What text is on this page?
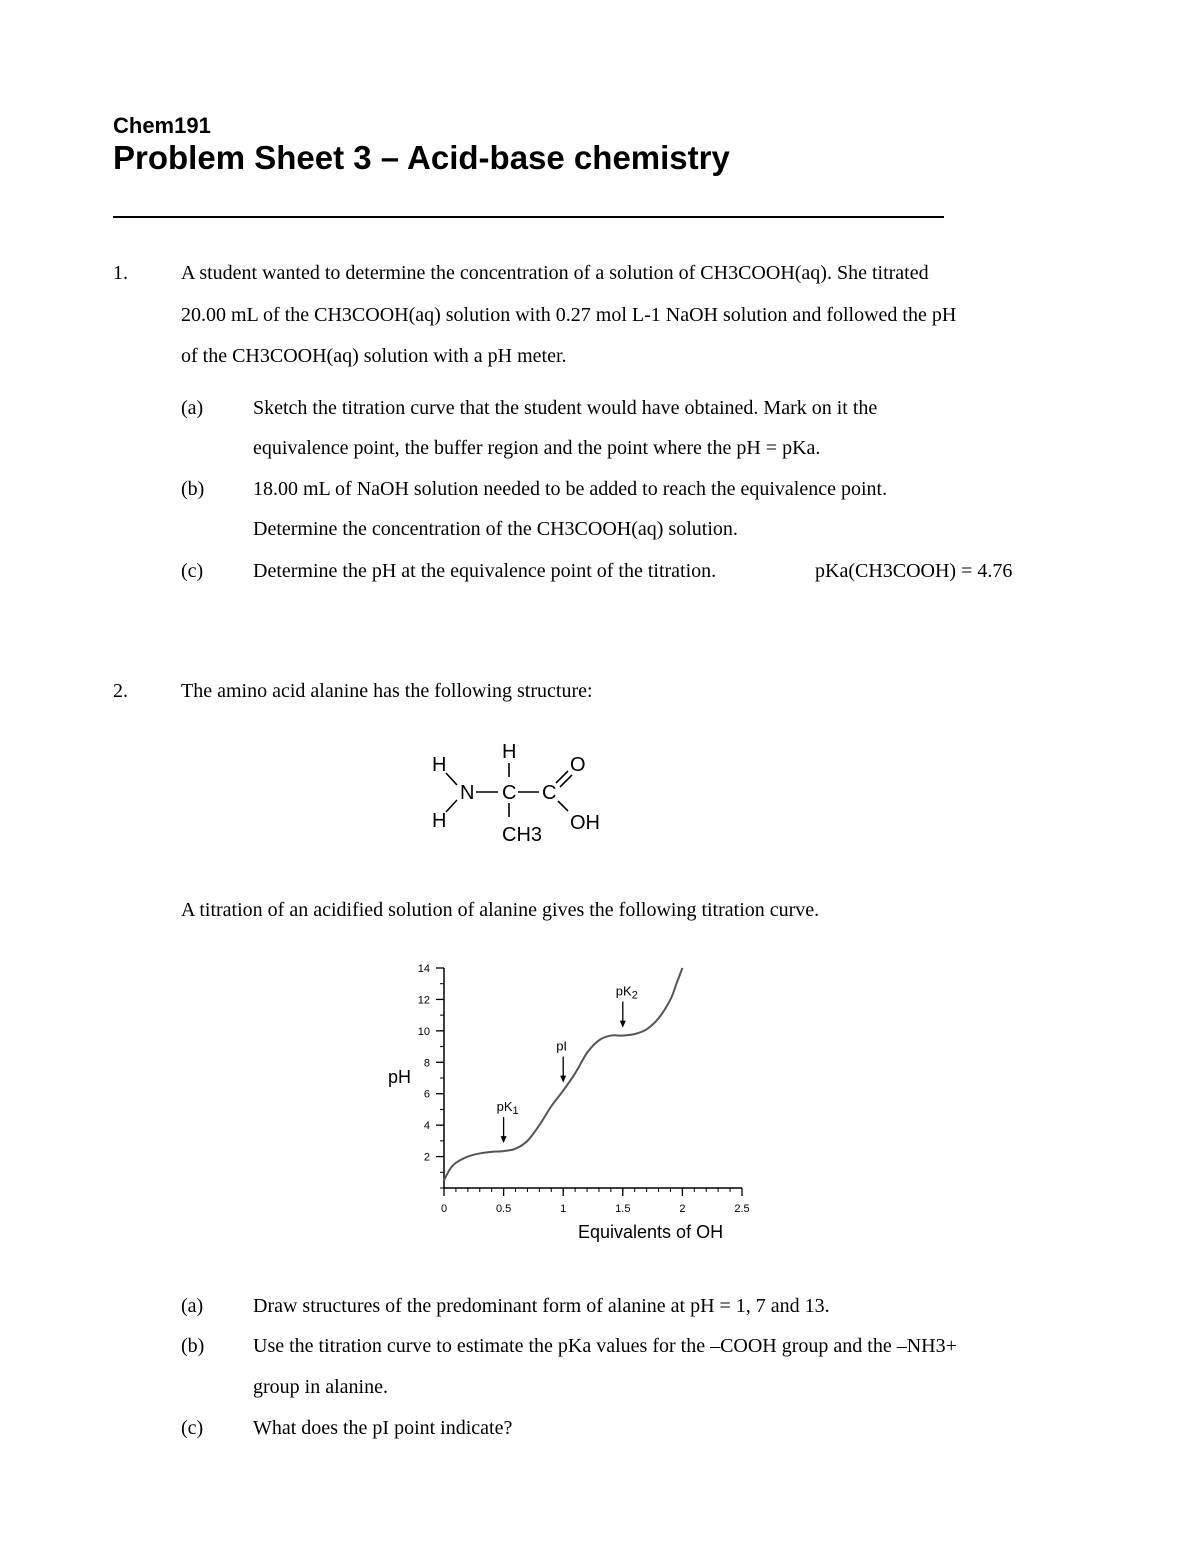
Chem191
Problem Sheet 3 – Acid-base chemistry
1.	A student wanted to determine the concentration of a solution of CH3COOH(aq). She titrated
20.00 mL of the CH3COOH(aq) solution with 0.27 mol L-1 NaOH solution and followed the pH
of the CH3COOH(aq) solution with a pH meter.
(a) Sketch the titration curve that the student would have obtained. Mark on it the
equivalence point, the buffer region and the point where the pH = pKa.
(b) 18.00 mL of NaOH solution needed to be added to reach the equivalence point.
Determine the concentration of the CH3COOH(aq) solution.
(c) Determine the pH at the equivalence point of the titration.	pKa(CH3COOH) = 4.76
2.	The amino acid alanine has the following structure:
H
H
N C
H
CH3
C
O
OH
A titration of an acidified solution of alanine gives the following titration curve.
2
4
6
8
10
12
14
0	0.5	1	1.5	2	2.5
$pK_1$
pI
$pK_2$
pH
Equivalents of OH
(a) Draw structures of the predominant form of alanine at pH = 1, 7 and 13.
(b) Use the titration curve to estimate the pKa values for the –COOH group and the –NH3+
group in alanine.
(c) What does the pI point indicate?
